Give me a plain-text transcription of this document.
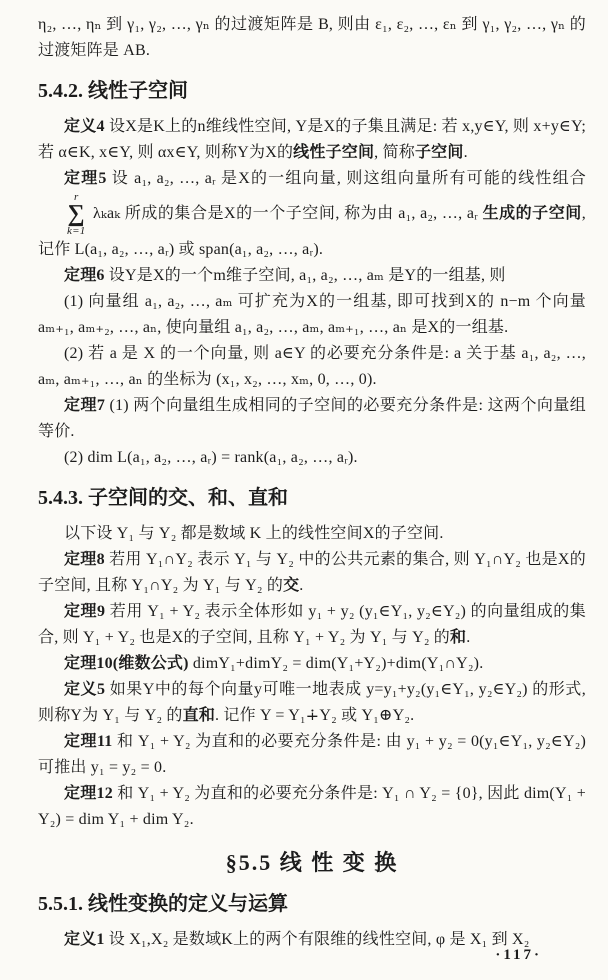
η₂, …, ηₙ 到 γ₁, γ₂, …, γₙ 的过渡矩阵是 B, 则由 ε₁, ε₂, …, εₙ 到 γ₁, γ₂, …, γₙ 的过渡矩阵是 AB.

5.4.2. 线性子空间

定义4 设X是K上的n维线性空间, Y是X的子集且满足: 若 x,y∈Y, 则 x+y∈Y; 若 α∈K, x∈Y, 则 αx∈Y, 则称Y为X的线性子空间, 简称子空间.

定理5 设 a₁, a₂, …, aᵣ 是X的一组向量, 则这组向量所有可能的线性组合
r
∑
k=1
λₖaₖ 所成的集合是X的一个子空间, 称为由 a₁, a₂, …, aᵣ 生成的子空间, 记作 L(a₁, a₂, …, aᵣ) 或 span(a₁, a₂, …, aᵣ).

定理6 设Y是X的一个m维子空间, a₁, a₂, …, aₘ 是Y的一组基, 则

(1) 向量组 a₁, a₂, …, aₘ 可扩充为X的一组基, 即可找到X的 n−m 个向量 aₘ₊₁, aₘ₊₂, …, aₙ, 使向量组 a₁, a₂, …, aₘ, aₘ₊₁, …, aₙ 是X的一组基.

(2) 若 a 是 X 的一个向量, 则 a∈Y 的必要充分条件是: a 关于基 a₁, a₂, …, aₘ, aₘ₊₁, …, aₙ 的坐标为 (x₁, x₂, …, xₘ, 0, …, 0).

定理7 (1) 两个向量组生成相同的子空间的必要充分条件是: 这两个向量组等价.

(2) dim L(a₁, a₂, …, aᵣ) = rank(a₁, a₂, …, aᵣ).

5.4.3. 子空间的交、和、直和

以下设 Y₁ 与 Y₂ 都是数域 K 上的线性空间X的子空间.

定理8 若用 Y₁∩Y₂ 表示 Y₁ 与 Y₂ 中的公共元素的集合, 则 Y₁∩Y₂ 也是X的子空间, 且称 Y₁∩Y₂ 为 Y₁ 与 Y₂ 的交.

定理9 若用 Y₁ + Y₂ 表示全体形如 y₁ + y₂ (y₁∈Y₁, y₂∈Y₂) 的向量组成的集合, 则 Y₁ + Y₂ 也是X的子空间, 且称 Y₁ + Y₂ 为 Y₁ 与 Y₂ 的和.

定理10(维数公式) dimY₁+dimY₂ = dim(Y₁+Y₂)+dim(Y₁∩Y₂).

定义5 如果Y中的每个向量y可唯一地表成 y=y₁+y₂(y₁∈Y₁, y₂∈Y₂) 的形式, 则称Y为 Y₁ 与 Y₂ 的直和. 记作 Y = Y₁∔Y₂ 或 Y₁⊕Y₂.

定理11 和 Y₁ + Y₂ 为直和的必要充分条件是: 由 y₁ + y₂ = 0(y₁∈Y₁, y₂∈Y₂) 可推出 y₁ = y₂ = 0.

定理12 和 Y₁ + Y₂ 为直和的必要充分条件是: Y₁ ∩ Y₂ = {0}, 因此 dim(Y₁ + Y₂) = dim Y₁ + dim Y₂.

§5.5 线 性 变 换
5.5.1. 线性变换的定义与运算

定义1 设 X₁,X₂ 是数域K上的两个有限维的线性空间, φ 是 X₁ 到 X₂

·117·
